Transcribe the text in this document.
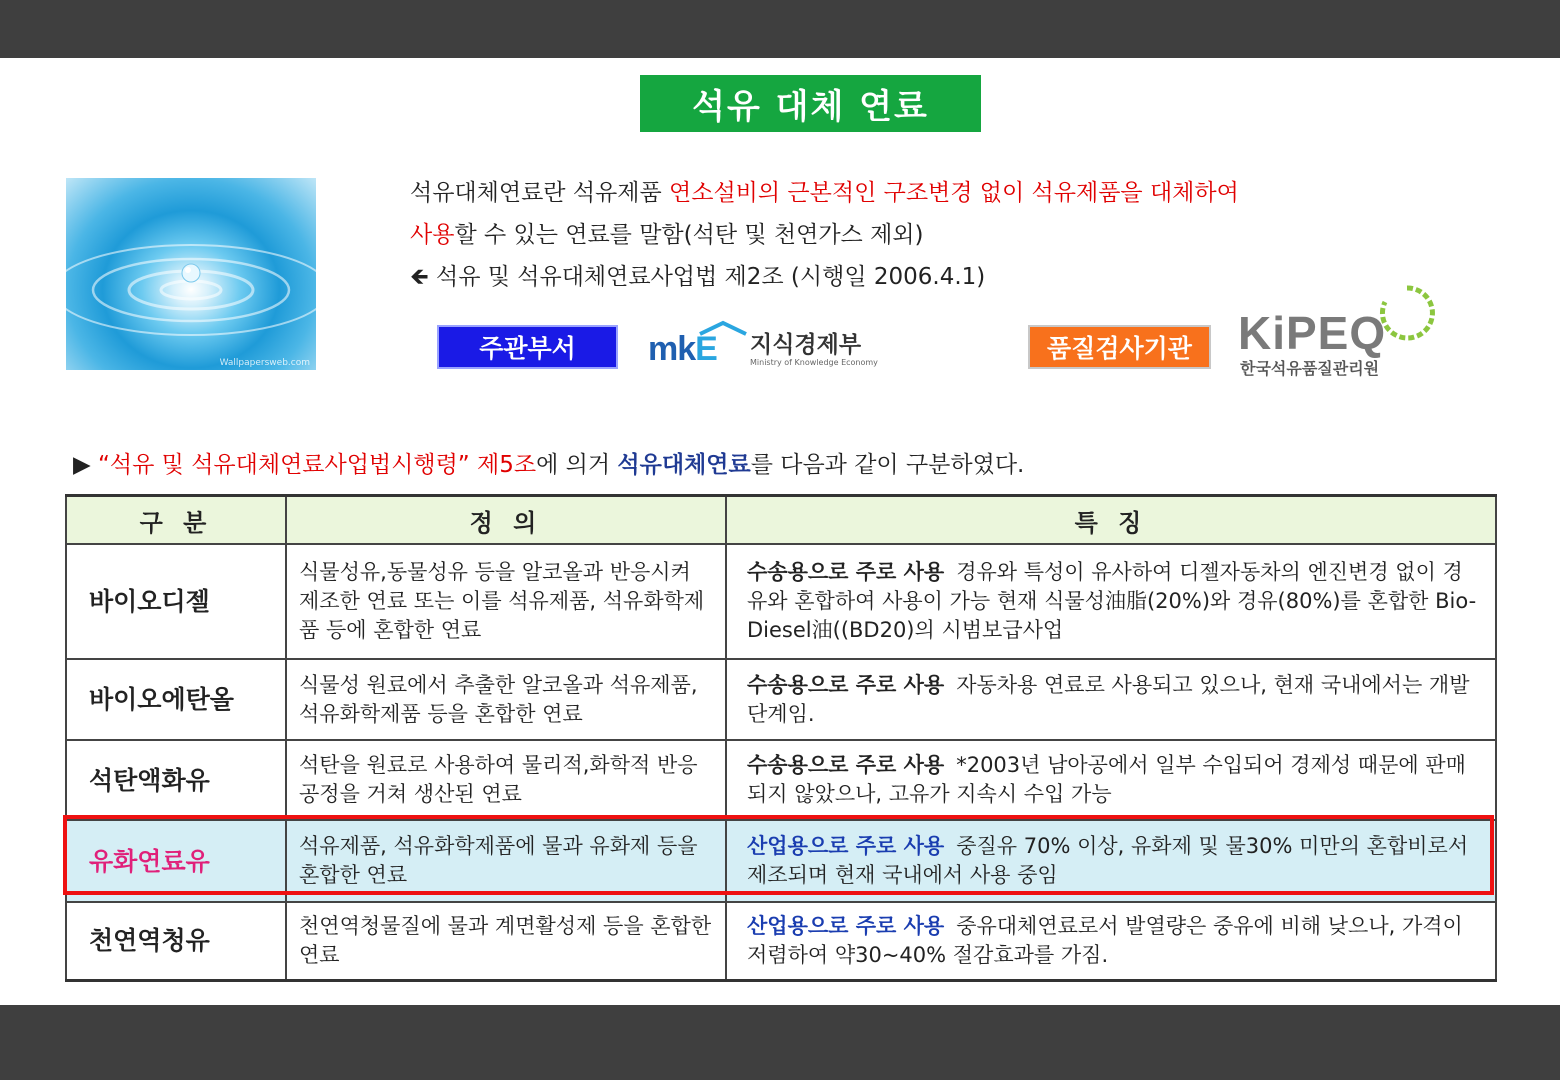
석유 대체 연료
Wallpapersweb.com
석유대체연료란 석유제품 연소설비의 근본적인 구조변경 없이 석유제품을 대체하여
사용할 수 있는 연료를 말함(석탄 및 천연가스 제외)
🡸 석유 및 석유대체연료사업법 제2조 (시행일 2006.4.1)
주관부서	mkE 지식경제부
Ministry of Knowledge Economy	품질검사기관	KiPEQ
한국석유품질관리원
▶ “석유 및 석유대체연료사업법시행령” 제5조에 의거 석유대체연료를 다음과 같이 구분하였다.
구 분	정 의	특 징
바이오디젤	식물성유,동물성유 등을 알코올과 반응시켜 제조한 연료 또는 이를 석유제품, 석유화학제품 등에 혼합한 연료	수송용으로 주로 사용 경유와 특성이 유사하여 디젤자동차의 엔진변경 없이 경유와 혼합하여 사용이 가능 현재 식물성油脂(20%)와 경유(80%)를 혼합한 Bio-Diesel油((BD20)의 시범보급사업
바이오에탄올	식물성 원료에서 추출한 알코올과 석유제품,석유화학제품 등을 혼합한 연료	수송용으로 주로 사용 자동차용 연료로 사용되고 있으나, 현재 국내에서는 개발단계임.
석탄액화유	석탄을 원료로 사용하여 물리적,화학적 반응공정을 거쳐 생산된 연료	수송용으로 주로 사용 *2003년 남아공에서 일부 수입되어 경제성 때문에 판매되지 않았으나, 고유가 지속시 수입 가능
유화연료유	석유제품, 석유화학제품에 물과 유화제 등을 혼합한 연료	산업용으로 주로 사용 중질유 70% 이상, 유화제 및 물30% 미만의 혼합비로서 제조되며 현재 국내에서 사용 중임
천연역청유	천연역청물질에 물과 계면활성제 등을 혼합한 연료	산업용으로 주로 사용 중유대체연료로서 발열량은 중유에 비해 낮으나, 가격이 저렴하여 약30~40% 절감효과를 가짐.
